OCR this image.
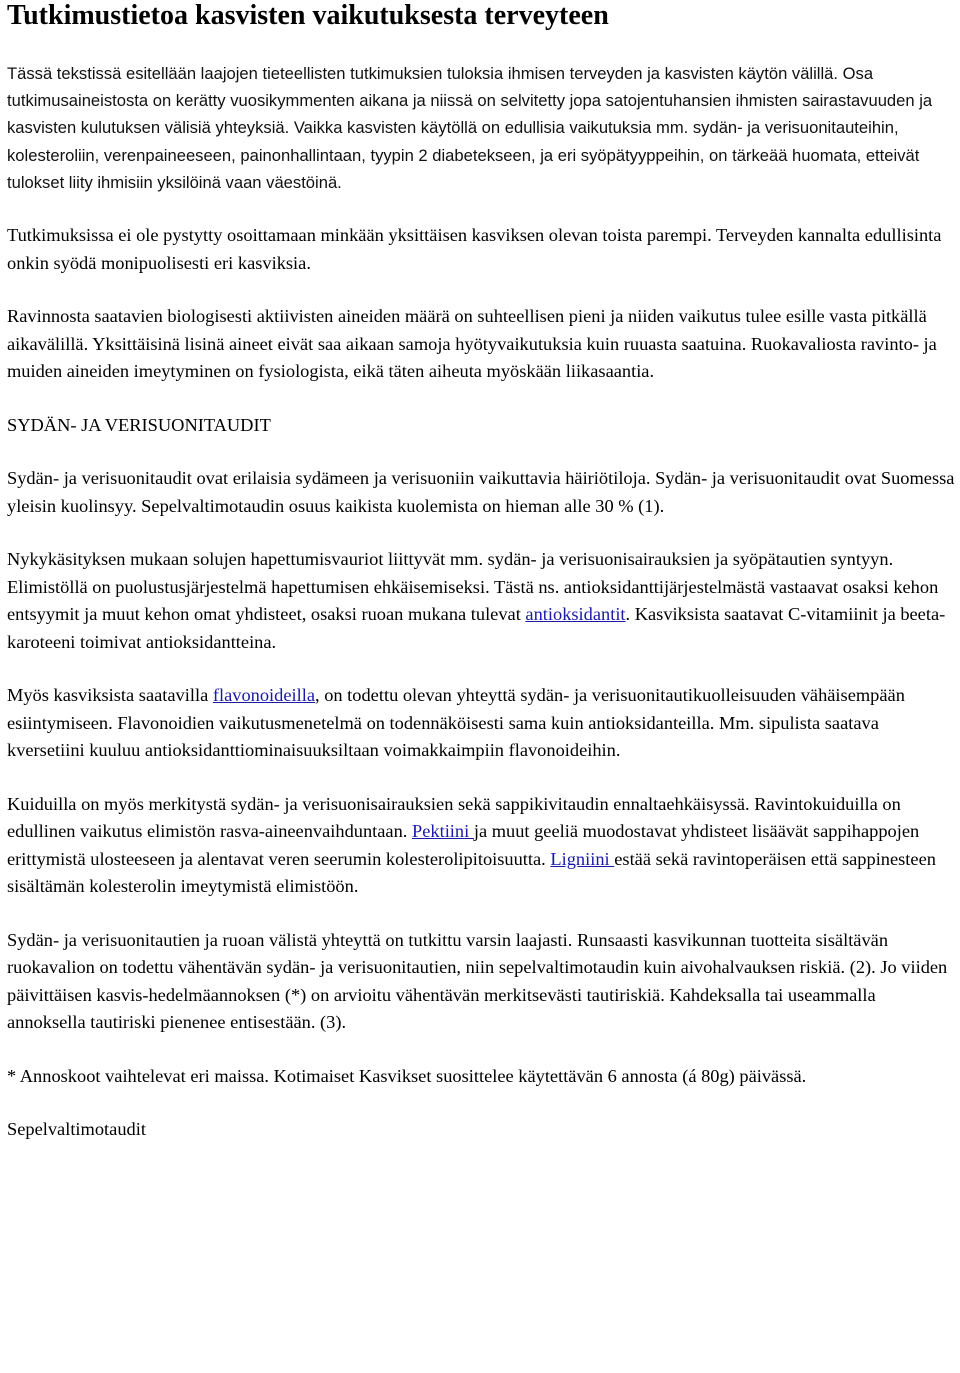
Tutkimustietoa kasvisten vaikutuksesta terveyteen

Tässä tekstissä esitellään laajojen tieteellisten tutkimuksien tuloksia ihmisen terveyden ja kasvisten käytön välillä. Osa tutkimusaineistosta on kerätty vuosikymmenten aikana ja niissä on selvitetty jopa satojentuhansien ihmisten sairastavuuden ja kasvisten kulutuksen välisiä yhteyksiä. Vaikka kasvisten käytöllä on edullisia vaikutuksia mm. sydän- ja verisuonitauteihin, kolesteroliin, verenpaineeseen, painonhallintaan, tyypin 2 diabetekseen, ja eri syöpätyyppeihin, on tärkeää huomata, etteivät tulokset liity ihmisiin yksilöinä vaan väestöinä.

Tutkimuksissa ei ole pystytty osoittamaan minkään yksittäisen kasviksen olevan toista parempi. Terveyden kannalta edullisinta onkin syödä monipuolisesti eri kasviksia.

Ravinnosta saatavien biologisesti aktiivisten aineiden määrä on suhteellisen pieni ja niiden vaikutus tulee esille vasta pitkällä aikavälillä. Yksittäisinä lisinä aineet eivät saa aikaan samoja hyötyvaikutuksia kuin ruuasta saatuina. Ruokavaliosta ravinto- ja muiden aineiden imeytyminen on fysiologista, eikä täten aiheuta myöskään liikasaantia.

SYDÄN- JA VERISUONITAUDIT

Sydän- ja verisuonitaudit ovat erilaisia sydämeen ja verisuoniin vaikuttavia häiriötiloja. Sydän- ja verisuonitaudit ovat Suomessa yleisin kuolinsyy. Sepelvaltimotaudin osuus kaikista kuolemista on hieman alle 30 % (1).

Nykykäsityksen mukaan solujen hapettumisvauriot liittyvät mm. sydän- ja verisuonisairauksien ja syöpätautien syntyyn. Elimistöllä on puolustusjärjestelmä hapettumisen ehkäisemiseksi. Tästä ns. antioksidanttijärjestelmästä vastaavat osaksi kehon entsyymit ja muut kehon omat yhdisteet, osaksi ruoan mukana tulevat antioksidantit. Kasviksista saatavat C-vitamiinit ja beeta-karoteeni toimivat antioksidantteina.

Myös kasviksista saatavilla flavonoideilla, on todettu olevan yhteyttä sydän- ja verisuonitautikuolleisuuden vähäisempään esiintymiseen. Flavonoidien vaikutusmenetelmä on todennäköisesti sama kuin antioksidanteilla. Mm. sipulista saatava kversetiini kuuluu antioksidanttiominaisuuksiltaan voimakkaimpiin flavonoideihin.

Kuiduilla on myös merkitystä sydän- ja verisuonisairauksien sekä sappikivitaudin ennaltaehkäisyssä. Ravintokuiduilla on edullinen vaikutus elimistön rasva-aineenvaihduntaan. Pektiini ja muut geeliä muodostavat yhdisteet lisäävät sappihappojen erittymistä ulosteeseen ja alentavat veren seerumin kolesterolipitoisuutta. Ligniini estää sekä ravintoperäisen että sappinesteen sisältämän kolesterolin imeytymistä elimistöön.

Sydän- ja verisuonitautien ja ruoan välistä yhteyttä on tutkittu varsin laajasti. Runsaasti kasvikunnan tuotteita sisältävän ruokavalion on todettu vähentävän sydän- ja verisuonitautien, niin sepelvaltimotaudin kuin aivohalvauksen riskiä. (2). Jo viiden päivittäisen kasvis-hedelmäannoksen (*) on arvioitu vähentävän merkitsevästi tautiriskiä. Kahdeksalla tai useammalla annoksella tautiriski pienenee entisestään. (3).

* Annoskoot vaihtelevat eri maissa. Kotimaiset Kasvikset suosittelee käytettävän 6 annosta (á 80g) päivässä.

Sepelvaltimotaudit
